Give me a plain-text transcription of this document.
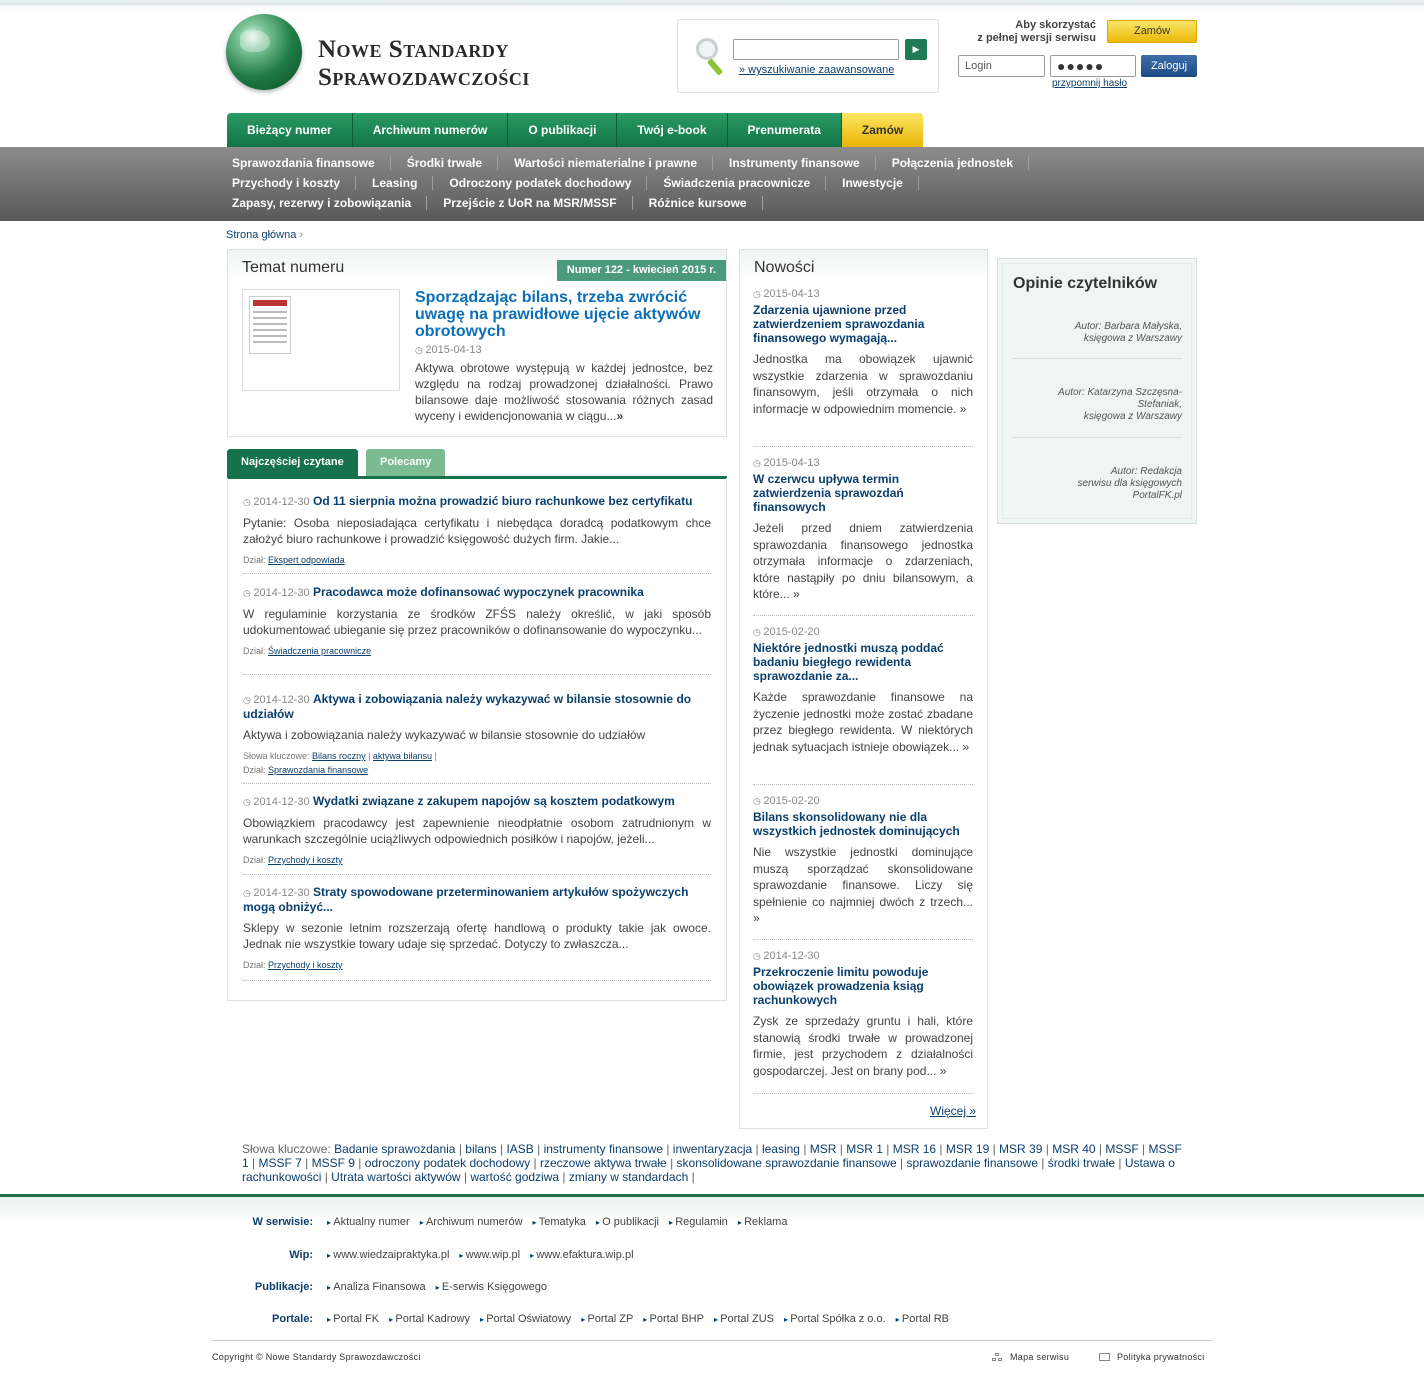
Nowe Standardy
Sprawozdawczości
▶
» wyszukiwanie zaawansowane
Aby skorzystać
z pełnej wersji serwisu
Zamów
Login	●●●●●	Zaloguj
przypomnij hasło
Bieżący numer	Archiwum numerów	O publikacji	Twój e-book	Prenumerata	Zamów
Sprawozdania finansowe	Środki trwałe	Wartości niematerialne i prawne	Instrumenty finansowe	Połączenia jednostek
Przychody i koszty	Leasing	Odroczony podatek dochodowy	Świadczenia pracownicze	Inwestycje
Zapasy, rezerwy i zobowiązania	Przejście z UoR na MSR/MSSF	Różnice kursowe
Strona główna ›
Temat numeru	Numer 122 - kwiecień 2015 r.
Sporządzając bilans, trzeba zwrócić uwagę na prawidłowe ujęcie aktywów obrotowych
◷ 2015-04-13
Aktywa obrotowe występują w każdej jednostce, bez względu na rodzaj prowadzonej działalności. Prawo bilansowe daje możliwość stosowania różnych zasad wyceny i ewidencjonowania w ciągu...»
Najczęściej czytane	Polecamy
◷ 2014-12-30 Od 11 sierpnia można prowadzić biuro rachunkowe bez certyfikatu
Pytanie: Osoba nieposiadająca certyfikatu i niebędąca doradcą podatkowym chce założyć biuro rachunkowe i prowadzić księgowość dużych firm. Jakie...
Dział: Ekspert odpowiada
◷ 2014-12-30 Pracodawca może dofinansować wypoczynek pracownika
W regulaminie korzystania ze środków ZFŚS należy określić, w jaki sposób udokumentować ubieganie się przez pracowników o dofinansowanie do wypoczynku...
Dział: Świadczenia pracownicze
◷ 2014-12-30 Aktywa i zobowiązania należy wykazywać w bilansie stosownie do udziałów
Aktywa i zobowiązania należy wykazywać w bilansie stosownie do udziałów
Słowa kluczowe: Bilans roczny | aktywa bilansu |
Dział: Sprawozdania finansowe
◷ 2014-12-30 Wydatki związane z zakupem napojów są kosztem podatkowym
Obowiązkiem pracodawcy jest zapewnienie nieodpłatnie osobom zatrudnionym w warunkach szczególnie uciążliwych odpowiednich posiłków i napojów, jeżeli...
Dział: Przychody i koszty
◷ 2014-12-30 Straty spowodowane przeterminowaniem artykułów spożywczych mogą obniżyć...
Sklepy w sezonie letnim rozszerzają ofertę handlową o produkty takie jak owoce. Jednak nie wszystkie towary udaje się sprzedać. Dotyczy to zwłaszcza...
Dział: Przychody i koszty
Nowości
◷ 2015-04-13
Zdarzenia ujawnione przed zatwierdzeniem sprawozdania finansowego wymagają...
Jednostka ma obowiązek ujawnić wszystkie zdarzenia w sprawozdaniu finansowym, jeśli otrzymała o nich informacje w odpowiednim momencie. »
◷ 2015-04-13
W czerwcu upływa termin zatwierdzenia sprawozdań finansowych
Jeżeli przed dniem zatwierdzenia sprawozdania finansowego jednostka otrzymała informacje o zdarzeniach, które nastąpiły po dniu bilansowym, a które... »
◷ 2015-02-20
Niektóre jednostki muszą poddać badaniu biegłego rewidenta sprawozdanie za...
Każde sprawozdanie finansowe na życzenie jednostki może zostać zbadane przez biegłego rewidenta. W niektórych jednak sytuacjach istnieje obowiązek... »
◷ 2015-02-20
Bilans skonsolidowany nie dla wszystkich jednostek dominujących
Nie wszystkie jednostki dominujące muszą sporządzać skonsolidowane sprawozdanie finansowe. Liczy się spełnienie co najmniej dwóch z trzech... »
◷ 2014-12-30
Przekroczenie limitu powoduje obowiązek prowadzenia ksiąg rachunkowych
Zysk ze sprzedaży gruntu i hali, które stanowią środki trwałe w prowadzonej firmie, jest przychodem z działalności gospodarczej. Jest on brany pod... »
Więcej »
Opinie czytelników
Autor: Barbara Małyska,
księgowa z Warszawy
Autor: Katarzyna Szczęsna-
Stefaniak,
księgowa z Warszawy
Autor: Redakcja
serwisu dla księgowych
PortalFK.pl
Słowa kluczowe: Badanie sprawozdania | bilans | IASB | instrumenty finansowe | inwentaryzacja | leasing | MSR | MSR 1 | MSR 16 | MSR 19 | MSR 39 | MSR 40 | MSSF | MSSF 1 | MSSF 7 | MSSF 9 | odroczony podatek dochodowy | rzeczowe aktywa trwałe | skonsolidowane sprawozdanie finansowe | sprawozdanie finansowe | środki trwałe | Ustawa o rachunkowości | Utrata wartości aktywów | wartość godziwa | zmiany w standardach |
W serwisie:	▸ Aktualny numer	▸ Archiwum numerów	▸ Tematyka	▸ O publikacji	▸ Regulamin	▸ Reklama
Wip:	▸ www.wiedzaipraktyka.pl	▸ www.wip.pl	▸ www.efaktura.wip.pl
Publikacje:	▸ Analiza Finansowa	▸ E-serwis Księgowego
Portale:	▸ Portal FK	▸ Portal Kadrowy	▸ Portal Oświatowy	▸ Portal ZP	▸ Portal BHP	▸ Portal ZUS	▸ Portal Spółka z o.o.	▸ Portal RB
Copyright © Nowe Standardy Sprawozdawczości	Mapa serwisu	Polityka prywatności
